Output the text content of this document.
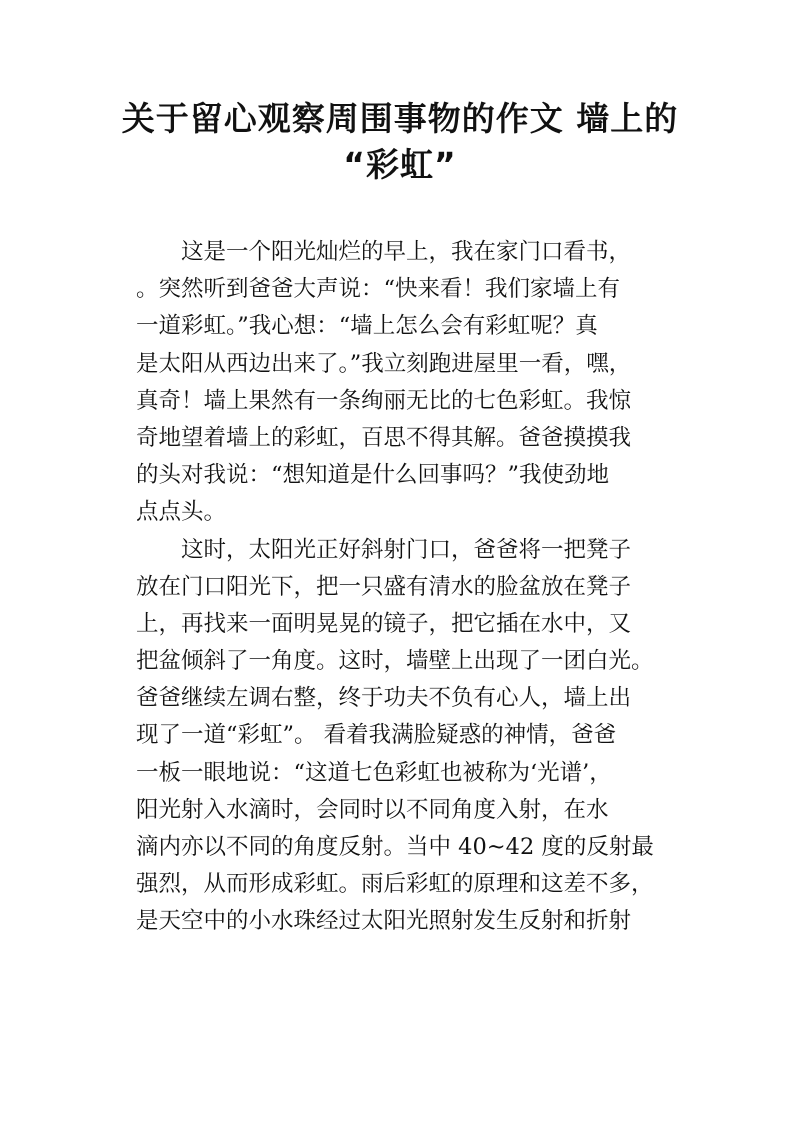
关于留心观察周围事物的作文 墙上的
“彩虹”
　　这是一个阳光灿烂的早上，我在家门口看书，
。突然听到爸爸大声说：“快来看！我们家墙上有
一道彩虹。”我心想：“墙上怎么会有彩虹呢？真
是太阳从西边出来了。”我立刻跑进屋里一看，嘿，
真奇！墙上果然有一条绚丽无比的七色彩虹。我惊
奇地望着墙上的彩虹，百思不得其解。爸爸摸摸我
的头对我说：“想知道是什么回事吗？”我使劲地
点点头。
　　这时，太阳光正好斜射门口，爸爸将一把凳子
放在门口阳光下，把一只盛有清水的脸盆放在凳子
上，再找来一面明晃晃的镜子，把它插在水中，又
把盆倾斜了一角度。这时，墙壁上出现了一团白光。
爸爸继续左调右整，终于功夫不负有心人，墙上出
现了一道“彩虹”。 看着我满脸疑惑的神情，爸爸
一板一眼地说：“这道七色彩虹也被称为‘光谱’，
阳光射入水滴时，会同时以不同角度入射，在水
滴内亦以不同的角度反射。当中 40~42 度的反射最
强烈，从而形成彩虹。雨后彩虹的原理和这差不多，
是天空中的小水珠经过太阳光照射发生反射和折射
